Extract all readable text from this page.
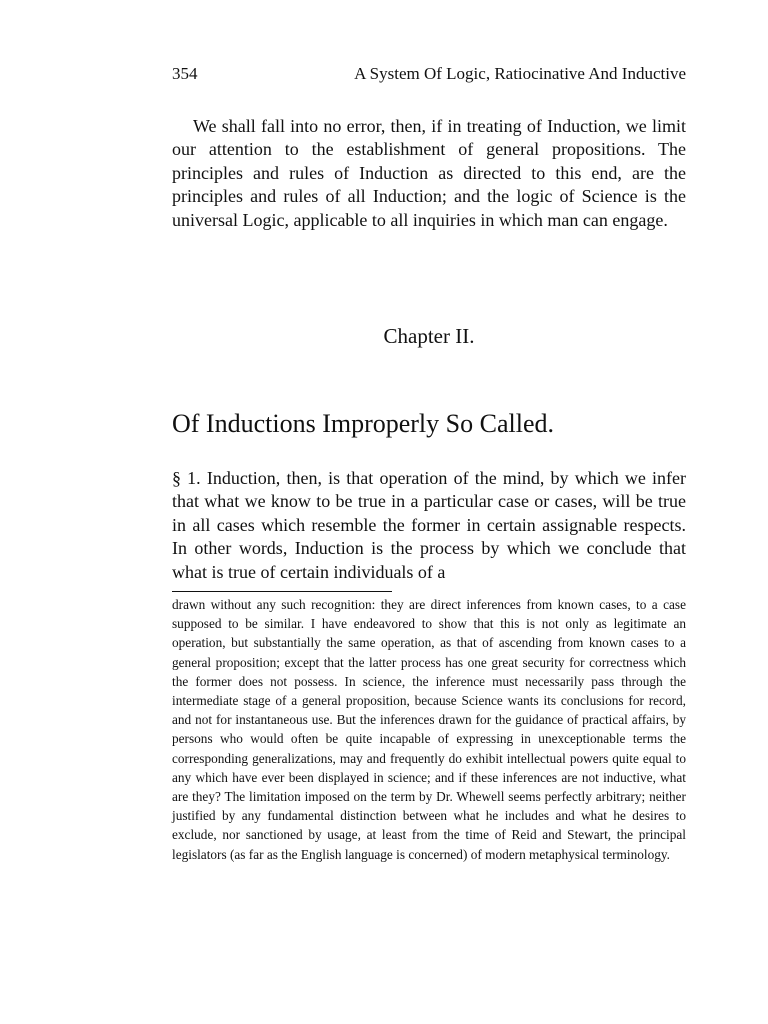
354	A System Of Logic, Ratiocinative And Inductive

We shall fall into no error, then, if in treating of Induction, we limit our attention to the establishment of general propositions. The principles and rules of Induction as directed to this end, are the principles and rules of all Induction; and the logic of Science is the universal Logic, applicable to all inquiries in which man can engage.

Chapter II.
Of Inductions Improperly So Called.

§ 1. Induction, then, is that operation of the mind, by which we infer that what we know to be true in a particular case or cases, will be true in all cases which resemble the former in certain assignable respects. In other words, Induction is the process by which we conclude that what is true of certain individuals of a

drawn without any such recognition: they are direct inferences from known cases, to a case supposed to be similar. I have endeavored to show that this is not only as legitimate an operation, but substantially the same operation, as that of ascending from known cases to a general proposition; except that the latter process has one great security for correctness which the former does not possess. In science, the inference must necessarily pass through the intermediate stage of a general proposition, because Science wants its conclusions for record, and not for instantaneous use. But the inferences drawn for the guidance of practical affairs, by persons who would often be quite incapable of expressing in unexceptionable terms the corresponding generalizations, may and frequently do exhibit intellectual powers quite equal to any which have ever been displayed in science; and if these inferences are not inductive, what are they? The limitation imposed on the term by Dr. Whewell seems perfectly arbitrary; neither justified by any fundamental distinction between what he includes and what he desires to exclude, nor sanctioned by usage, at least from the time of Reid and Stewart, the principal legislators (as far as the English language is concerned) of modern metaphysical terminology.
